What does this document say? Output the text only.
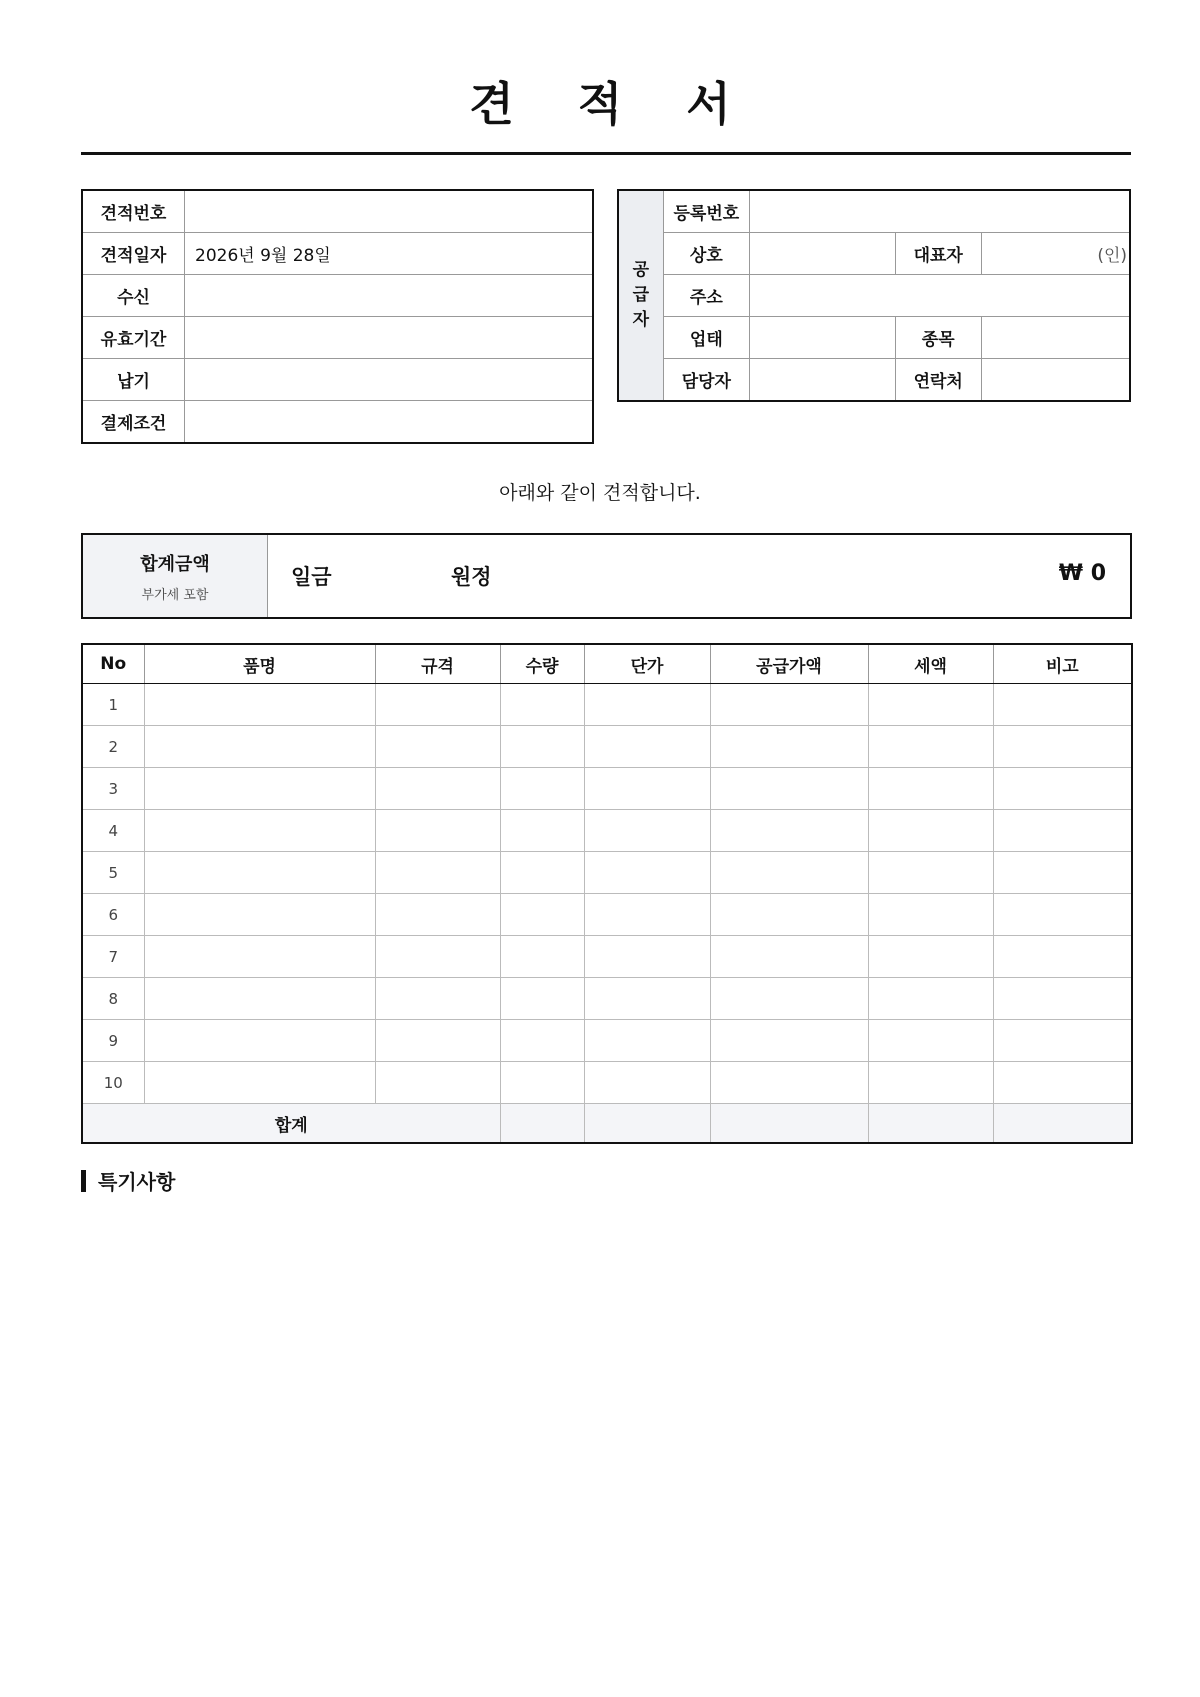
견 적 서
견적번호	
견적일자	2026년 9월 28일
수신	
유효기간	
납기	
결제조건	
공
급
자	등록번호			
	상호		대표자	(인)
	주소			
	업태		종목	
	담당자		연락처	
아래와 같이 견적합니다.
합계금액
부가세 포함
일금	원정	₩ 0
No	품명	규격	수량	단가	공급가액	세액	비고
1							
2							
3							
4							
5							
6							
7							
8							
9							
10							
합계							
특기사항
